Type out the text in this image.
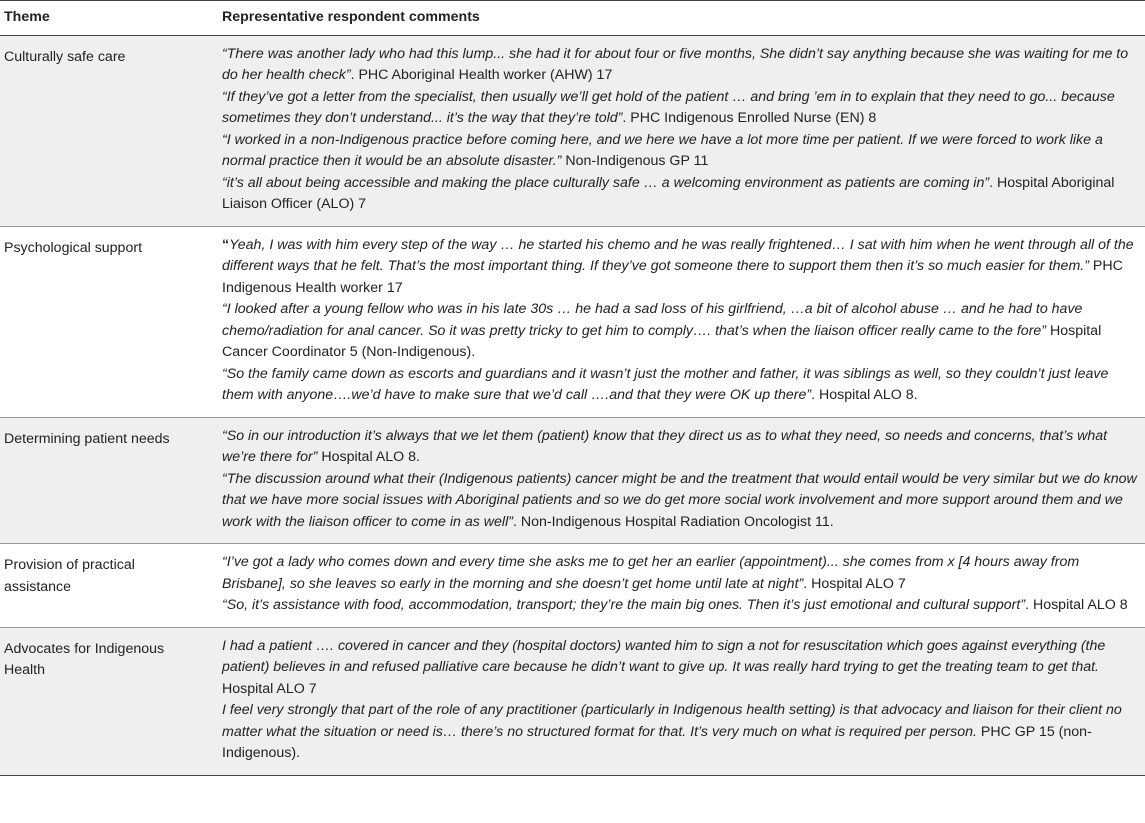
Theme	Representative respondent comments
Culturally safe care	“There was another lady who had this lump... she had it for about four or five months, She didn’t say anything because she was waiting for me to do her health check”. PHC Aboriginal Health worker (AHW) 17
“If they’ve got a letter from the specialist, then usually we’ll get hold of the patient … and bring ’em in to explain that they need to go... because sometimes they don’t understand... it’s the way that they’re told”. PHC Indigenous Enrolled Nurse (EN) 8
“I worked in a non-Indigenous practice before coming here, and we here we have a lot more time per patient. If we were forced to work like a normal practice then it would be an absolute disaster.” Non-Indigenous GP 11
“it’s all about being accessible and making the place culturally safe … a welcoming environment as patients are coming in”. Hospital Aboriginal Liaison Officer (ALO) 7

Psychological support	“Yeah, I was with him every step of the way … he started his chemo and he was really frightened… I sat with him when he went through all of the different ways that he felt. That’s the most important thing. If they’ve got someone there to support them then it’s so much easier for them.” PHC Indigenous Health worker 17
“I looked after a young fellow who was in his late 30s … he had a sad loss of his girlfriend, …a bit of alcohol abuse … and he had to have chemo/radiation for anal cancer. So it was pretty tricky to get him to comply…. that’s when the liaison officer really came to the fore” Hospital Cancer Coordinator 5 (Non-Indigenous).
“So the family came down as escorts and guardians and it wasn’t just the mother and father, it was siblings as well, so they couldn’t just leave them with anyone….we’d have to make sure that we’d call ….and that they were OK up there”. Hospital ALO 8.

Determining patient needs	“So in our introduction it’s always that we let them (patient) know that they direct us as to what they need, so needs and concerns, that’s what we’re there for” Hospital ALO 8.
“The discussion around what their (Indigenous patients) cancer might be and the treatment that would entail would be very similar but we do know that we have more social issues with Aboriginal patients and so we do get more social work involvement and more support around them and we work with the liaison officer to come in as well”. Non-Indigenous Hospital Radiation Oncologist 11.

Provision of practical assistance	“I’ve got a lady who comes down and every time she asks me to get her an earlier (appointment)... she comes from x [4 hours away from Brisbane], so she leaves so early in the morning and she doesn’t get home until late at night”. Hospital ALO 7
“So, it’s assistance with food, accommodation, transport; they’re the main big ones. Then it’s just emotional and cultural support”. Hospital ALO 8

Advocates for Indigenous Health	I had a patient …. covered in cancer and they (hospital doctors) wanted him to sign a not for resuscitation which goes against everything (the patient) believes in and refused palliative care because he didn’t want to give up. It was really hard trying to get the treating team to get that. Hospital ALO 7
I feel very strongly that part of the role of any practitioner (particularly in Indigenous health setting) is that advocacy and liaison for their client no matter what the situation or need is… there’s no structured format for that. It’s very much on what is required per person. PHC GP 15 (non-Indigenous).
